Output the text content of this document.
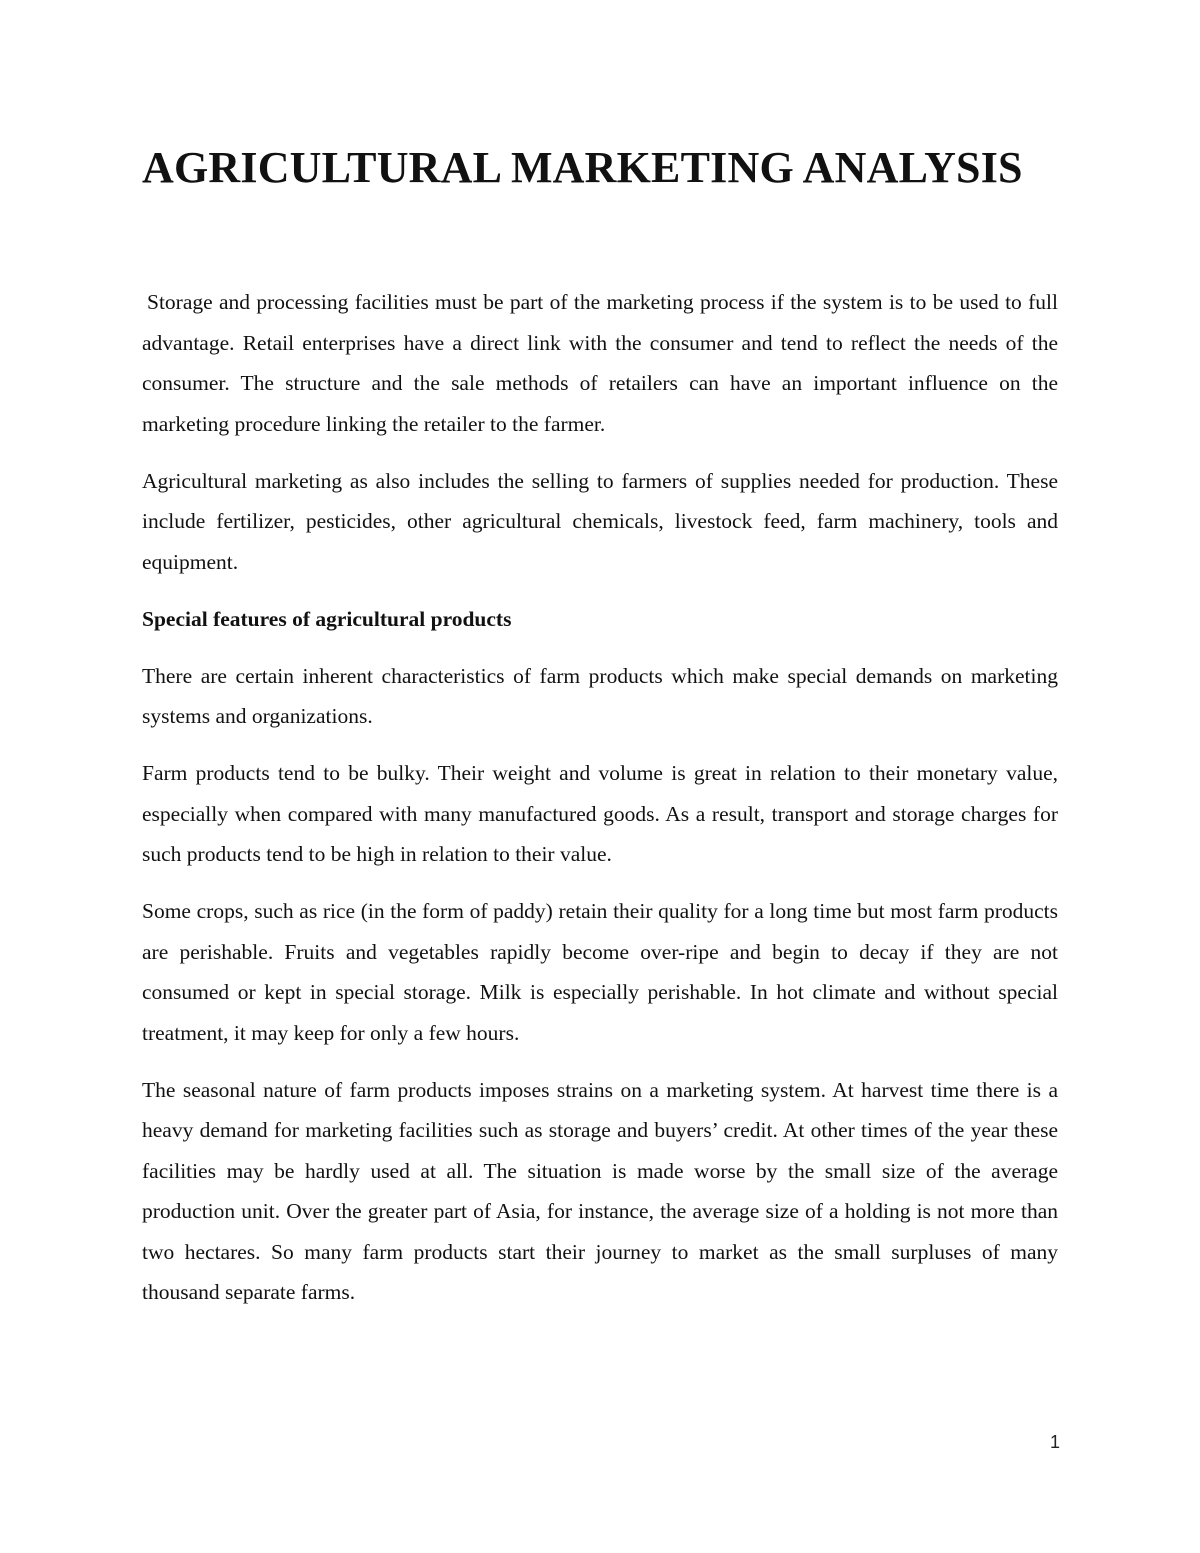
AGRICULTURAL MARKETING ANALYSIS

Storage and processing facilities must be part of the marketing process if the system is to be used to full advantage. Retail enterprises have a direct link with the consumer and tend to reflect the needs of the consumer. The structure and the sale methods of retailers can have an important influence on the marketing procedure linking the retailer to the farmer.

Agricultural marketing as also includes the selling to farmers of supplies needed for production. These include fertilizer, pesticides, other agricultural chemicals, livestock feed, farm machinery, tools and equipment.

Special features of agricultural products

There are certain inherent characteristics of farm products which make special demands on marketing systems and organizations.

Farm products tend to be bulky. Their weight and volume is great in relation to their monetary value, especially when compared with many manufactured goods. As a result, transport and storage charges for such products tend to be high in relation to their value.

Some crops, such as rice (in the form of paddy) retain their quality for a long time but most farm products are perishable. Fruits and vegetables rapidly become over-ripe and begin to decay if they are not consumed or kept in special storage. Milk is especially perishable. In hot climate and without special treatment, it may keep for only a few hours.

The seasonal nature of farm products imposes strains on a marketing system. At harvest time there is a heavy demand for marketing facilities such as storage and buyers’ credit. At other times of the year these facilities may be hardly used at all. The situation is made worse by the small size of the average production unit. Over the greater part of Asia, for instance, the average size of a holding is not more than two hectares. So many farm products start their journey to market as the small surpluses of many thousand separate farms.

1
